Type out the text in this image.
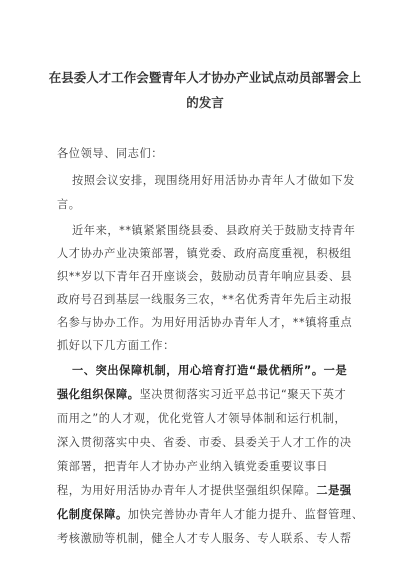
在县委人才工作会暨青年人才协办产业试点动员部署会上
的发言
各位领导、同志们：
按照会议安排，现围绕用好用活协办青年人才做如下发
言。
近年来，**镇紧紧围绕县委、县政府关于鼓励支持青年
人才协办产业决策部署，镇党委、政府高度重视，积极组
织**岁以下青年召开座谈会，鼓励动员青年响应县委、县
政府号召到基层一线服务三农，**名优秀青年先后主动报
名参与协办工作。为用好用活协办青年人才，**镇将重点
抓好以下几方面工作：
一、突出保障机制，用心培育打造“最优栖所”。一是
强化组织保障。坚决贯彻落实习近平总书记“聚天下英才
而用之”的人才观，优化党管人才领导体制和运行机制，
深入贯彻落实中央、省委、市委、县委关于人才工作的决
策部署，把青年人才协办产业纳入镇党委重要议事日
程，为用好用活协办青年人才提供坚强组织保障。二是强
化制度保障。加快完善协办青年人才能力提升、监督管理、
考核激励等机制，健全人才专人服务、专人联系、专人帮
